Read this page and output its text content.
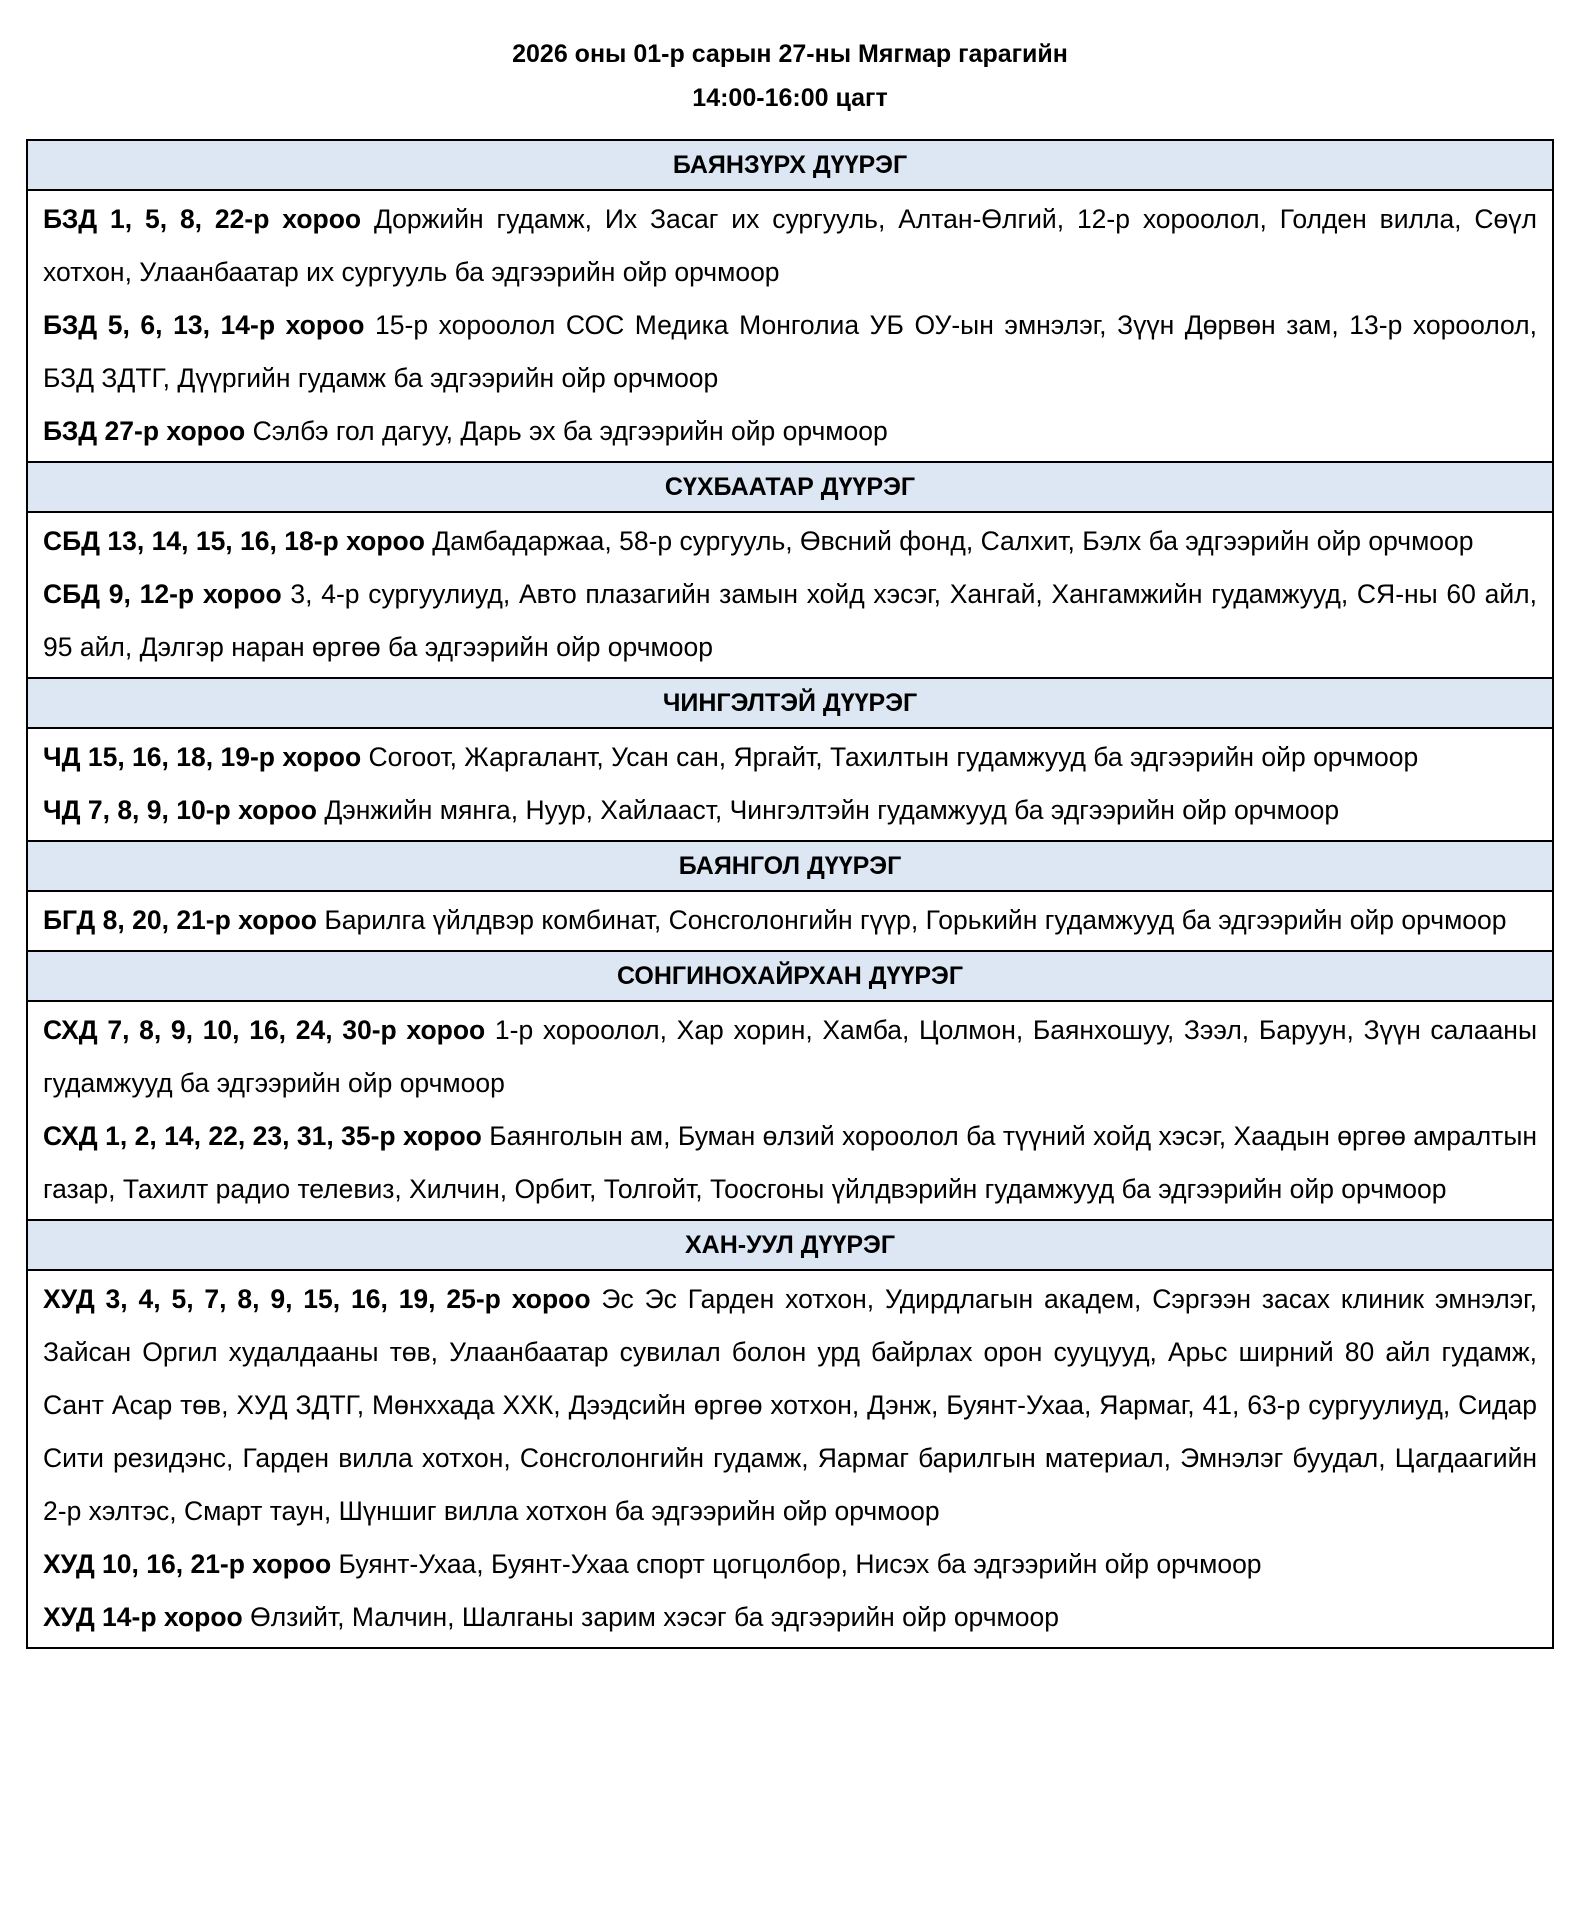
2026 оны 01-р сарын 27-ны Мягмар гарагийн
14:00-16:00 цагт
БАЯНЗҮРХ ДҮҮРЭГ

БЗД 1, 5, 8, 22-р хороо Доржийн гудамж, Их Засаг их сургууль, Алтан-Өлгий, 12-р хороолол, Голден вилла, Сөүл хотхон, Улаанбаатар их сургууль ба эдгээрийн ойр орчмоор
БЗД 5, 6, 13, 14-р хороо 15-р хороолол СОС Медика Монголиа УБ ОУ-ын эмнэлэг, Зүүн Дөрвөн зам, 13-р хороолол, БЗД ЗДТГ, Дүүргийн гудамж ба эдгээрийн ойр орчмоор
БЗД 27-р хороо Сэлбэ гол дагуу, Дарь эх ба эдгээрийн ойр орчмоор

СҮХБААТАР ДҮҮРЭГ

СБД 13, 14, 15, 16, 18-р хороо Дамбадаржаа, 58-р сургууль, Өвсний фонд, Салхит, Бэлх ба эдгээрийн ойр орчмоор
СБД 9, 12-р хороо 3, 4-р сургуулиуд, Авто плазагийн замын хойд хэсэг, Хангай, Хангамжийн гудамжууд, СЯ-ны 60 айл, 95 айл, Дэлгэр наран өргөө ба эдгээрийн ойр орчмоор

ЧИНГЭЛТЭЙ ДҮҮРЭГ

ЧД 15, 16, 18, 19-р хороо Согоот, Жаргалант, Усан сан, Яргайт, Тахилтын гудамжууд ба эдгээрийн ойр орчмоор
ЧД 7, 8, 9, 10-р хороо Дэнжийн мянга, Нуур, Хайлааст, Чингэлтэйн гудамжууд ба эдгээрийн ойр орчмоор

БАЯНГОЛ ДҮҮРЭГ

БГД 8, 20, 21-р хороо Барилга үйлдвэр комбинат, Сонсголонгийн гүүр, Горькийн гудамжууд ба эдгээрийн ойр орчмоор

СОНГИНОХАЙРХАН ДҮҮРЭГ

СХД 7, 8, 9, 10, 16, 24, 30-р хороо 1-р хороолол, Хар хорин, Хамба, Цолмон, Баянхошуу, Зээл, Баруун, Зүүн салааны гудамжууд ба эдгээрийн ойр орчмоор
СХД 1, 2, 14, 22, 23, 31, 35-р хороо Баянголын ам, Буман өлзий хороолол ба түүний хойд хэсэг, Хаадын өргөө амралтын газар, Тахилт радио телевиз, Хилчин, Орбит, Толгойт, Тоосгоны үйлдвэрийн гудамжууд ба эдгээрийн ойр орчмоор

ХАН-УУЛ ДҮҮРЭГ

ХУД 3, 4, 5, 7, 8, 9, 15, 16, 19, 25-р хороо Эс Эс Гарден хотхон, Удирдлагын академ, Сэргээн засах клиник эмнэлэг, Зайсан Оргил худалдааны төв, Улаанбаатар сувилал болон урд байрлах орон сууцууд, Арьс ширний 80 айл гудамж, Сант Асар төв, ХУД ЗДТГ, Мөнххада ХХК, Дээдсийн өргөө хотхон, Дэнж, Буянт-Ухаа, Яармаг, 41, 63-р сургуулиуд, Сидар Сити резидэнс, Гарден вилла хотхон, Сонсголонгийн гудамж, Яармаг барилгын материал, Эмнэлэг буудал, Цагдаагийн 2-р хэлтэс, Смарт таун, Шүншиг вилла хотхон ба эдгээрийн ойр орчмоор
ХУД 10, 16, 21-р хороо Буянт-Ухаа, Буянт-Ухаа спорт цогцолбор, Нисэх ба эдгээрийн ойр орчмоор
ХУД 14-р хороо Өлзийт, Малчин, Шалганы зарим хэсэг ба эдгээрийн ойр орчмоор
